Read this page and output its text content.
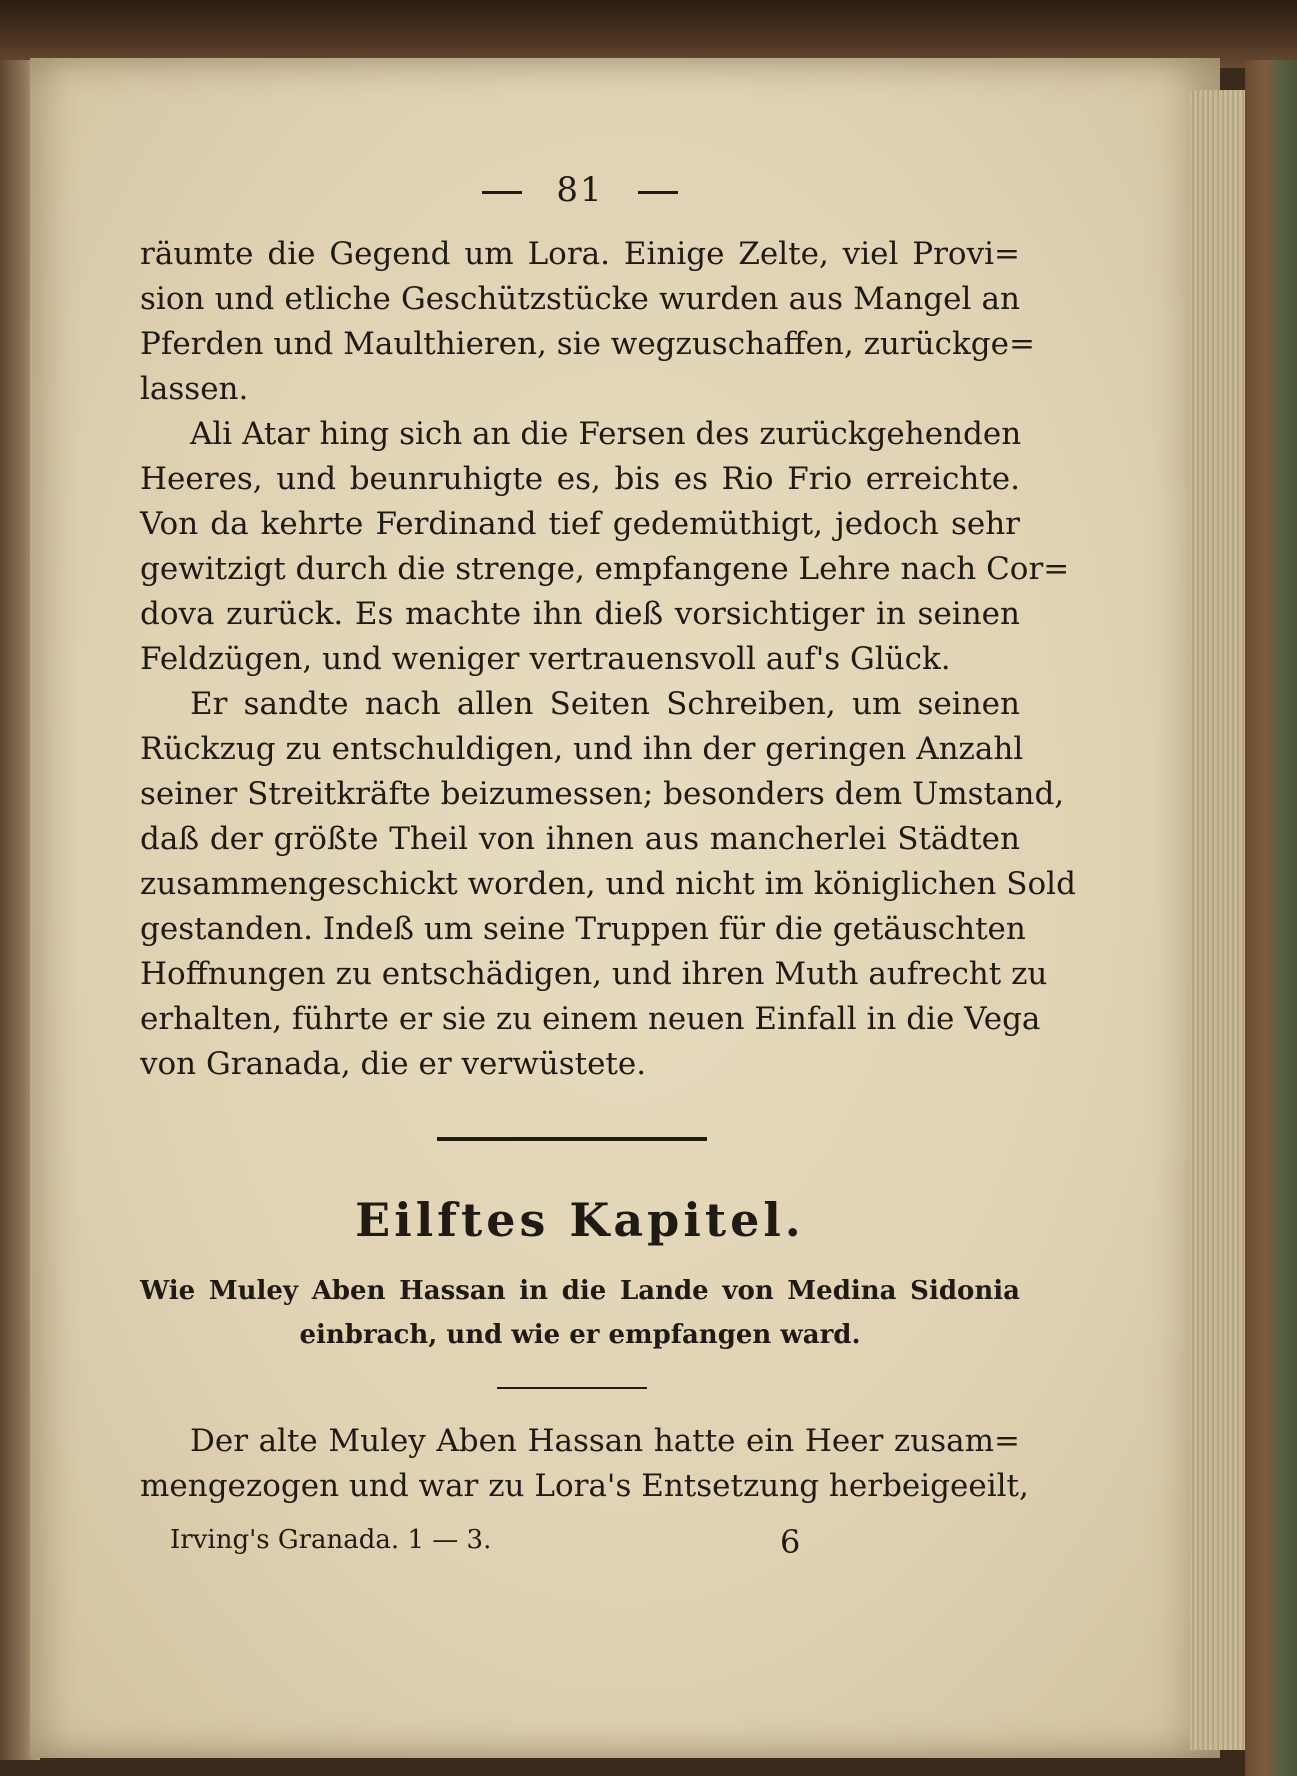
81
räumte die Gegend um Lora. Einige Zelte, viel Provi=
sion und etliche Geschützstücke wurden aus Mangel an
Pferden und Maulthieren, sie wegzuschaffen, zurückge=
lassen.
Ali Atar hing sich an die Fersen des zurückgehenden
Heeres, und beunruhigte es, bis es Rio Frio erreichte.
Von da kehrte Ferdinand tief gedemüthigt, jedoch sehr
gewitzigt durch die strenge, empfangene Lehre nach Cor=
dova zurück. Es machte ihn dieß vorsichtiger in seinen
Feldzügen, und weniger vertrauensvoll auf's Glück.
Er sandte nach allen Seiten Schreiben, um seinen
Rückzug zu entschuldigen, und ihn der geringen Anzahl
seiner Streitkräfte beizumessen; besonders dem Umstand,
daß der größte Theil von ihnen aus mancherlei Städten
zusammengeschickt worden, und nicht im königlichen Sold
gestanden. Indeß um seine Truppen für die getäuschten
Hoffnungen zu entschädigen, und ihren Muth aufrecht zu
erhalten, führte er sie zu einem neuen Einfall in die Vega
von Granada, die er verwüstete.
Eilftes Kapitel.
Wie Muley Aben Hassan in die Lande von Medina Sidonia
einbrach, und wie er empfangen ward.
Der alte Muley Aben Hassan hatte ein Heer zusam=
mengezogen und war zu Lora's Entsetzung herbeigeeilt,
Irving's Granada. 1 — 3.	6
